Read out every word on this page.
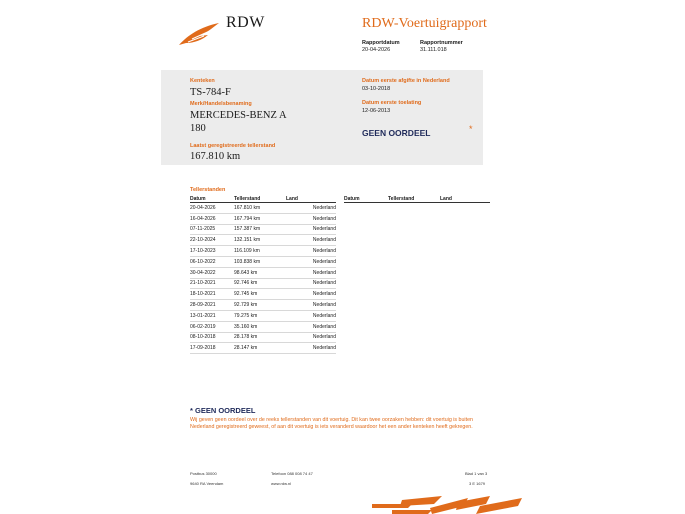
RDW	RDW-Voertuigrapport
Rapportdatum
20-04-2026
Rapportnummer
31.111.018
Kenteken
TS-784-F
Merk/Handelsbenaming
MERCEDES-BENZ A
180
Laatst geregistreerde tellerstand
167.810 km
Datum eerste afgifte in Nederland
03-10-2018
Datum eerste toelating
12-06-2013
GEEN OORDEEL	*
Tellerstanden
Datum	Tellerstand	Land
20-04-2026	167.810 km	Nederland
16-04-2026	167.794 km	Nederland
07-11-2025	157.387 km	Nederland
22-10-2024	132.151 km	Nederland
17-10-2023	116.109 km	Nederland
06-10-2022	103.838 km	Nederland
30-04-2022	98.643 km	Nederland
21-10-2021	92.746 km	Nederland
18-10-2021	92.745 km	Nederland
28-09-2021	92.729 km	Nederland
13-01-2021	79.275 km	Nederland
06-02-2019	35.160 km	Nederland
08-10-2018	28.178 km	Nederland
17-09-2018	28.147 km	Nederland
Datum	Tellerstand	Land
* GEEN OORDEEL
Wij geven geen oordeel over de reeks tellerstanden van dit voertuig. Dit kan twee oorzaken hebben: dit voertuig is buiten Nederland geregistreerd geweest, of aan dit voertuig is iets veranderd waardoor het een ander kenteken heeft gekregen.
Postbus 30000
9640 RA Veendam
Telefoon 088 008 74 47
www.rdw.nl
Blad 1 van 3
3 E 1679
